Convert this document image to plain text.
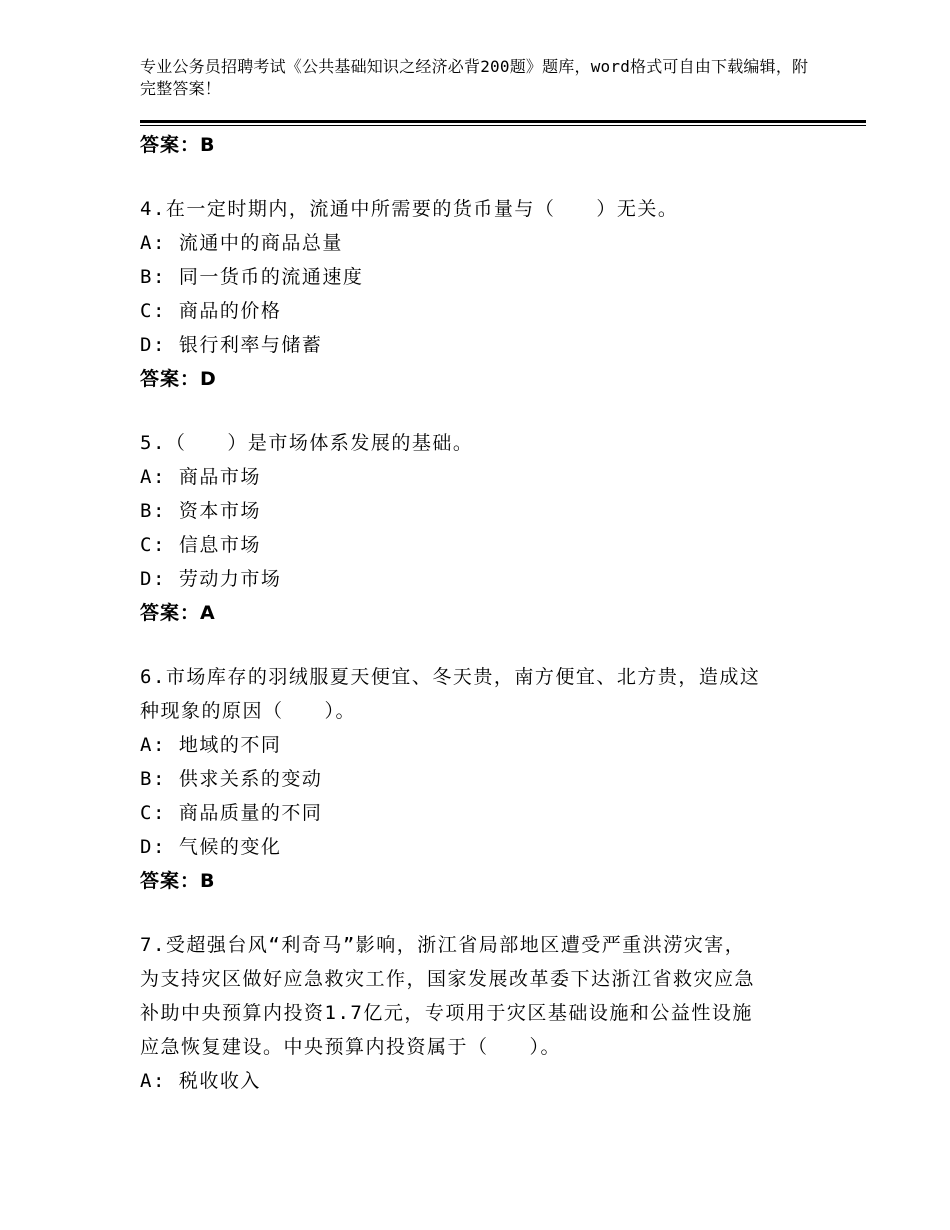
专业公务员招聘考试《公共基础知识之经济必背200题》题库，word格式可自由下载编辑，附完整答案！
答案：B
4.在一定时期内，流通中所需要的货币量与（　　）无关。
A: 流通中的商品总量
B: 同一货币的流通速度
C: 商品的价格
D: 银行利率与储蓄
答案：D
5.（　　）是市场体系发展的基础。
A: 商品市场
B: 资本市场
C: 信息市场
D: 劳动力市场
答案：A
6.市场库存的羽绒服夏天便宜、冬天贵，南方便宜、北方贵，造成这
种现象的原因（　　）。
A: 地域的不同
B: 供求关系的变动
C: 商品质量的不同
D: 气候的变化
答案：B
7.受超强台风“利奇马”影响，浙江省局部地区遭受严重洪涝灾害，
为支持灾区做好应急救灾工作，国家发展改革委下达浙江省救灾应急
补助中央预算内投资1.7亿元，专项用于灾区基础设施和公益性设施
应急恢复建设。中央预算内投资属于（　　）。
A: 税收收入
